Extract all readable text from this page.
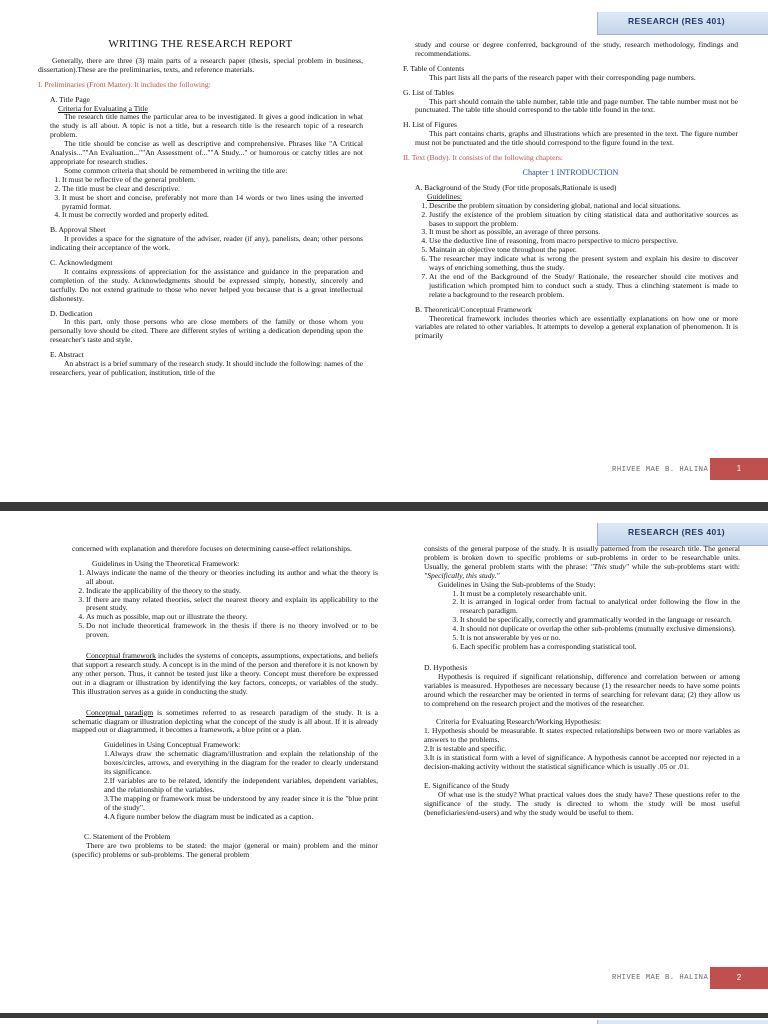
RESEARCH (RES 401)

WRITING THE RESEARCH REPORT

Generally, there are three (3) main parts of a research paper (thesis, special problem in business, dissertation).These are the preliminaries, texts, and reference materials.

I. Preliminaries (Front Matter). It includes the following:

A. Title Page

Criteria for Evaluating a Title

The research title names the particular area to be investigated. It gives a good indication in what the study is all about. A topic is not a title, but a research title is the research topic of a research problem.

The title should be concise as well as descriptive and comprehensive. Phrases like "A Critical Analysis...""An Evaluation...""An Assessment of...""A Study..." or humorous or catchy titles are not appropriate for research studies.

Some common criteria that should be remembered in writing the title are:

1. It must be reflective of the general problem.
2. The title must be clear and descriptive.
3. It must be short and concise, preferably not more than 14 words or two lines using the inverted pyramid format.
4. It must be correctly worded and properly edited.

B. Approval Sheet

It provides a space for the signature of the adviser, reader (if any), panelists, dean; other persons indicating their acceptance of the work.

C. Acknowledgment

It contains expressions of appreciation for the assistance and guidance in the preparation and completion of the study. Acknowledgments should be expressed simply, honestly, sincerely and tactfully. Do not extend gratitude to those who never helped you because that is a great intellectual dishonesty.

D. Dedication

In this part, only those persons who are close members of the family or those whom you personally love should be cited. There are different styles of writing a dedication depending upon the researcher's taste and style.

E. Abstract

An abstract is a brief summary of the research study. It should include the following: names of the researchers, year of publication, institution, title of the

study and course or degree conferred, background of the study, research methodology, findings and recommendations.

F. Table of Contents

This part lists all the parts of the research paper with their corresponding page numbers.

G. List of Tables

This part should contain the table number, table title and page number. The table number must not be punctuated. The table title should correspond to the table title found in the text.

H. List of Figures

This part contains charts, graphs and illustrations which are presented in the text. The figure number must not be punctuated and the title should correspond to the figure found in the text.

II. Text (Body). It consists of the following chapters:

Chapter 1 INTRODUCTION

A. Background of the Study (For title proposals,Rationale is used)

Guidelines:

1. Describe the problem situation by considering global, national and local situations.
2. Justify the existence of the problem situation by citing statistical data and authoritative sources as bases to support the problem.
3. It must be short as possible, an average of three persons.
4. Use the deductive line of reasoning, from macro perspective to micro perspective.
5. Maintain an objective tone throughout the paper.
6. The researcher may indicate what is wrong the present system and explain his desire to discover ways of enriching something, thus the study.
7. At the end of the Background of the Study/ Rationale, the researcher should cite motives and justification which prompted him to conduct such a study. Thus a clinching statement is made to relate a background to the research problem.

B. Theoretical/Conceptual Framework

Theoretical framework includes theories which are essentially explanations on how one or more variables are related to other variables. It attempts to develop a general explanation of phenomenon. It is primarily

RHIVEE MAE B. HALINA	1
RESEARCH (RES 401)

concerned with explanation and therefore focuses on determining cause-effect relationships.

Guidelines in Using the Theoretical Framework:

1. Always indicate the name of the theory or theories including its author and what the theory is all about.
2. Indicate the applicability of the theory to the study.
3. If there are many related theories, select the nearest theory and explain its applicability to the present study.
4. As much as possible, map out or illustrate the theory.
5. Do not include theoretical framework in the thesis if there is no theory involved or to be proven.

Conceptual framework includes the systems of concepts, assumptions, expectations, and beliefs that support a research study. A concept is in the mind of the person and therefore it is not known by any other person. Thus, it cannot be tested just like a theory. Concept must therefore be expressed out in a diagram or illustration by identifying the key factors, concepts, or variables of the study. This illustration serves as a guide in conducting the study.

Conceptual paradigm is sometimes referred to as research paradigm of the study. It is a schematic diagram or illustration depicting what the concept of the study is all about. If it is already mapped out or diagrammed, it becomes a framework, a blue print or a plan.

Guidelines in Using Conceptual Framework:

1.Always draw the schematic diagram/illustration and explain the relationship of the boxes/circles, arrows, and everything in the diagram for the reader to clearly understand its significance.

2.If variables are to be related, identify the independent variables, dependent variables, and the relationship of the variables.

3.The mapping or framework must be understood by any reader since it is the "blue print of the study".

4.A figure number below the diagram must be indicated as a caption.

C. Statement of the Problem

There are two problems to be stated: the major (general or main) problem and the minor (specific) problems or sub-problems. The general problem

consists of the general purpose of the study. It is usually patterned from the research title. The general problem is broken down to specific problems or sub-problems in order to be researchable units. Usually, the general problem starts with the phrase: "This study" while the sub-problems start with: "Specifically, this study."

Guidelines in Using the Sub-problems of the Study:

1. It must be a completely researchable unit.
2. It is arranged in logical order from factual to analytical order following the flow in the research paradigm.
3. It should be specifically, correctly and grammatically worded in the language or research.
4. It should not duplicate or overlap the other sub-problems (mutually exclusive dimensions).
5. It is not answerable by yes or no.
6. Each specific problem has a corresponding statistical tool.

D. Hypothesis

Hypothesis is required if significant relationship, difference and correlation between or among variables is measured. Hypotheses are necessary because (1) the researcher needs to have some points around which the researcher may be oriented in terms of searching for relevant data; (2) they allow us to comprehend on the research project and the motives of the researcher.

Criteria for Evaluating Research/Working Hypothesis:

1. Hypothesis should be measurable. It states expected relationships between two or more variables as answers to the problems.

2.It is testable and specific.

3.It is in statistical form with a level of significance. A hypothesis cannot be accepted nor rejected in a decision-making activity without the statistical significance which is usually .05 or .01.

E. Significance of the Study

Of what use is the study? What practical values does the study have? These questions refer to the significance of the study. The study is directed to whom the study will be most useful (beneficiaries/end-users) and why the study would be useful to them.

RHIVEE MAE B. HALINA	2
